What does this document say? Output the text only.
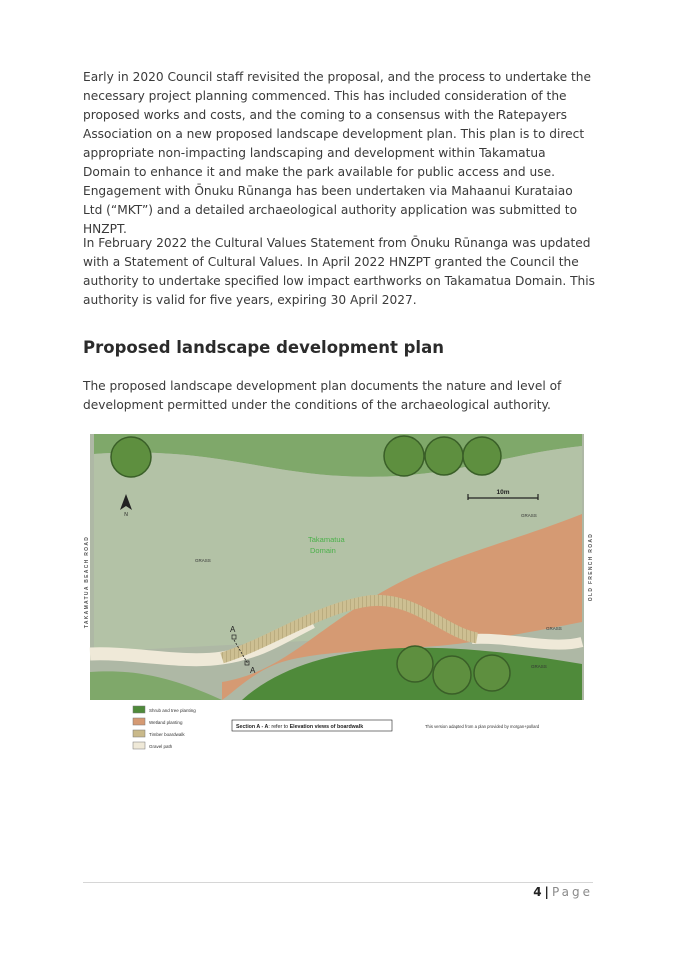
Early in 2020 Council staff revisited the proposal, and the process to undertake the necessary project planning commenced. This has included consideration of the proposed works and costs, and the coming to a consensus with the Ratepayers Association on a new proposed landscape development plan. This plan is to direct appropriate non-impacting landscaping and development within Takamatua Domain to enhance it and make the park available for public access and use. Engagement with Ōnuku Rūnanga has been undertaken via Mahaanui Kurataiao Ltd (“MKT”) and a detailed archaeological authority application was submitted to HNZPT.

In February 2022 the Cultural Values Statement from Ōnuku Rūnanga was updated with a Statement of Cultural Values. In April 2022 HNZPT granted the Council the authority to undertake specified low impact earthworks on Takamatua Domain. This authority is valid for five years, expiring 30 April 2027.

Proposed landscape development plan

The proposed landscape development plan documents the nature and level of development permitted under the conditions of the archaeological authority.

N
10m
Takamatua
Domain
GRASS
GRASS
GRASS
GRASS
A
A
TAKAMATUA BEACH ROAD	OLD FRENCH ROAD
Shrub and tree planting
Wetland planting
Timber boardwalk
Gravel path
Section A - A: refer to Elevation views of boardwalk	This version adapted from a plan provided by morgan+pollard
4 | Page
